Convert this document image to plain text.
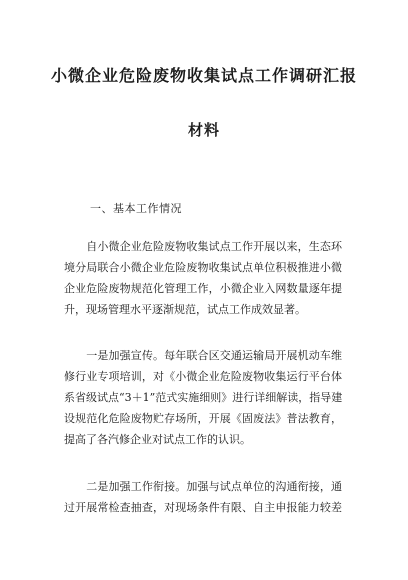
小微企业危险废物收集试点工作调研汇报
材料
一、基本工作情况
　　自小微企业危险废物收集试点工作开展以来，生态环
境分局联合小微企业危险废物收集试点单位积极推进小微
企业危险废物规范化管理工作，小微企业入网数量逐年提
升，现场管理水平逐渐规范，试点工作成效显著。
　　一是加强宣传。每年联合区交通运输局开展机动车维
修行业专项培训，对《小微企业危险废物收集运行平台体
系省级试点“3＋1”范式实施细则》进行详细解读，指导建
设规范化危险废物贮存场所，开展《固废法》普法教育，
提高了各汽修企业对试点工作的认识。
　　二是加强工作衔接。加强与试点单位的沟通衔接，通
过开展常检查抽查，对现场条件有限、自主申报能力较差
